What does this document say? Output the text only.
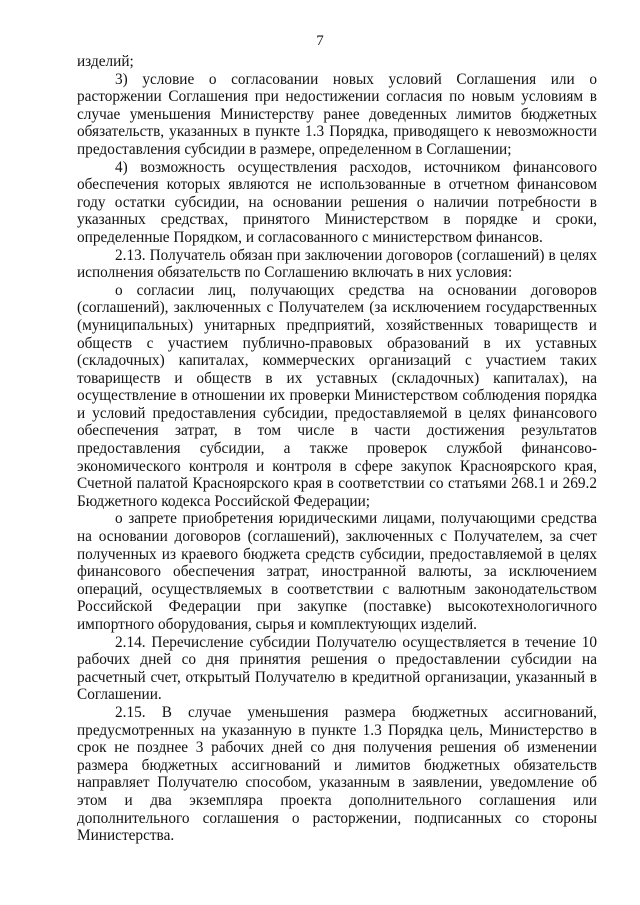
7

изделий;

3) условие о согласовании новых условий Соглашения или о расторжении Соглашения при недостижении согласия по новым условиям в случае уменьшения Министерству ранее доведенных лимитов бюджетных обязательств, указанных в пункте 1.3 Порядка, приводящего к невозможности предоставления субсидии в размере, определенном в Соглашении;

4) возможность осуществления расходов, источником финансового обеспечения которых являются не использованные в отчетном финансовом году остатки субсидии, на основании решения о наличии потребности в указанных средствах, принятого Министерством в порядке и сроки, определенные Порядком, и согласованного с министерством финансов.

2.13. Получатель обязан при заключении договоров (соглашений) в целях исполнения обязательств по Соглашению включать в них условия:

о согласии лиц, получающих средства на основании договоров (соглашений), заключенных с Получателем (за исключением государственных (муниципальных) унитарных предприятий, хозяйственных товариществ и обществ с участием публично-правовых образований в их уставных (складочных) капиталах, коммерческих организаций с участием таких товариществ и обществ в их уставных (складочных) капиталах), на осуществление в отношении их проверки Министерством соблюдения порядка и условий предоставления субсидии, предоставляемой в целях финансового обеспечения затрат, в том числе в части достижения результатов предоставления субсидии, а также проверок службой финансово-экономического контроля и контроля в сфере закупок Красноярского края, Счетной палатой Красноярского края в соответствии со статьями 268.1 и 269.2 Бюджетного кодекса Российской Федерации;

о запрете приобретения юридическими лицами, получающими средства на основании договоров (соглашений), заключенных с Получателем, за счет полученных из краевого бюджета средств субсидии, предоставляемой в целях финансового обеспечения затрат, иностранной валюты, за исключением операций, осуществляемых в соответствии с валютным законодательством Российской Федерации при закупке (поставке) высокотехнологичного импортного оборудования, сырья и комплектующих изделий.

2.14. Перечисление субсидии Получателю осуществляется в течение 10 рабочих дней со дня принятия решения о предоставлении субсидии на расчетный счет, открытый Получателю в кредитной организации, указанный в Соглашении.

2.15. В случае уменьшения размера бюджетных ассигнований, предусмотренных на указанную в пункте 1.3 Порядка цель, Министерство в срок не позднее 3 рабочих дней со дня получения решения об изменении размера бюджетных ассигнований и лимитов бюджетных обязательств направляет Получателю способом, указанным в заявлении, уведомление об этом и два экземпляра проекта дополнительного соглашения или дополнительного соглашения о расторжении, подписанных со стороны Министерства.
